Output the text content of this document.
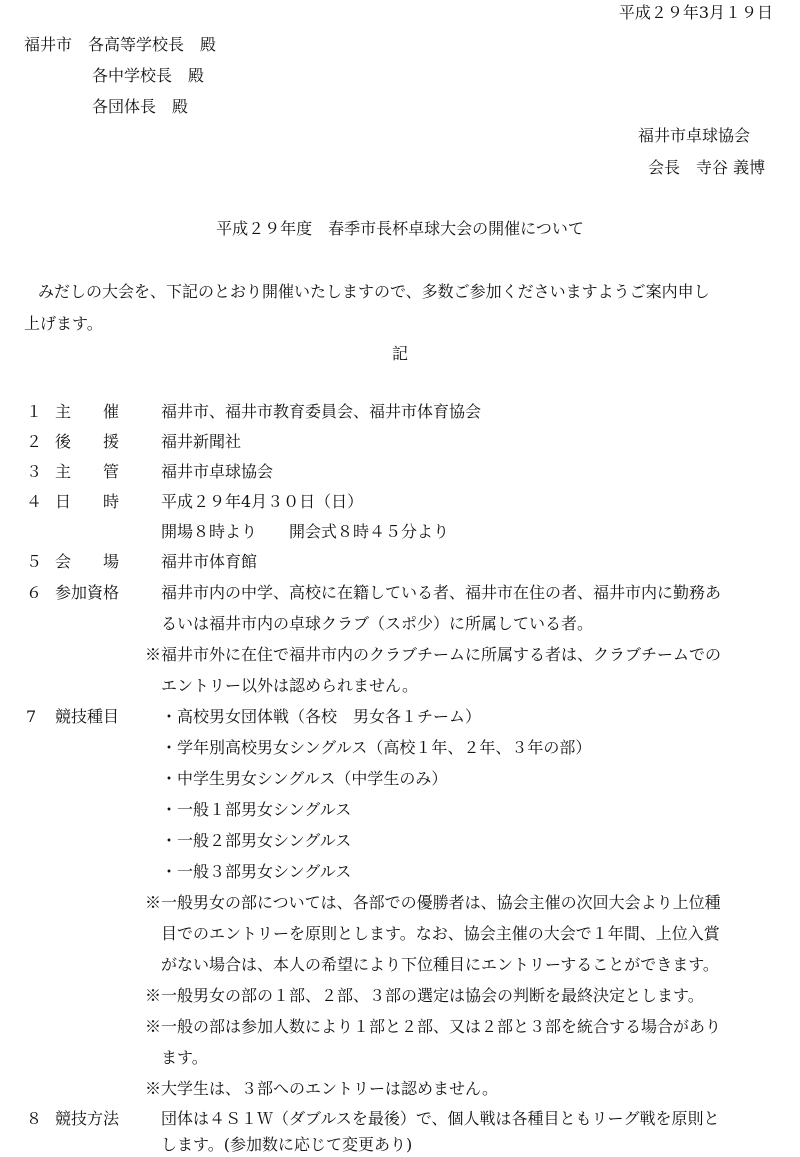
平成２９年3月１９日
福井市　各高等学校長　殿
各中学校長　殿
各団体長　殿
福井市卓球協会
会長　寺谷 義博
平成２９年度　春季市長杯卓球大会の開催について
みだしの大会を、下記のとおり開催いたしますので、多数ご参加くださいますようご案内申し
上げます。
記
１ 主　　催	福井市、福井市教育委員会、福井市体育協会
２ 後　　援	福井新聞社
３ 主　　管	福井市卓球協会
４ 日　　時	平成２９年4月３０日（日）
開場８時より　　開会式８時４５分より
５ 会　　場	福井市体育館
６ 参加資格	福井市内の中学、高校に在籍している者、福井市在住の者、福井市内に勤務あ
るいは福井市内の卓球クラブ（スポ少）に所属している者。
※福井市外に在住で福井市内のクラブチームに所属する者は、クラブチームでの
エントリー以外は認められません。
7	競技種目	・高校男女団体戦（各校　男女各１チーム）
・学年別高校男女シングルス（高校１年、２年、３年の部）
・中学生男女シングルス（中学生のみ）
・一般１部男女シングルス
・一般２部男女シングルス
・一般３部男女シングルス
※一般男女の部については、各部での優勝者は、協会主催の次回大会より上位種
目でのエントリーを原則とします。なお、協会主催の大会で１年間、上位入賞
がない場合は、本人の希望により下位種目にエントリーすることができます。
※一般男女の部の１部、２部、３部の選定は協会の判断を最終決定とします。
※一般の部は参加人数により１部と２部、又は２部と３部を統合する場合があり
ます。
※大学生は、３部へのエントリーは認めません。
８ 競技方法	団体は４Ｓ１Ｗ（ダブルスを最後）で、個人戦は各種目ともリーグ戦を原則と
します。(参加数に応じて変更あり)
